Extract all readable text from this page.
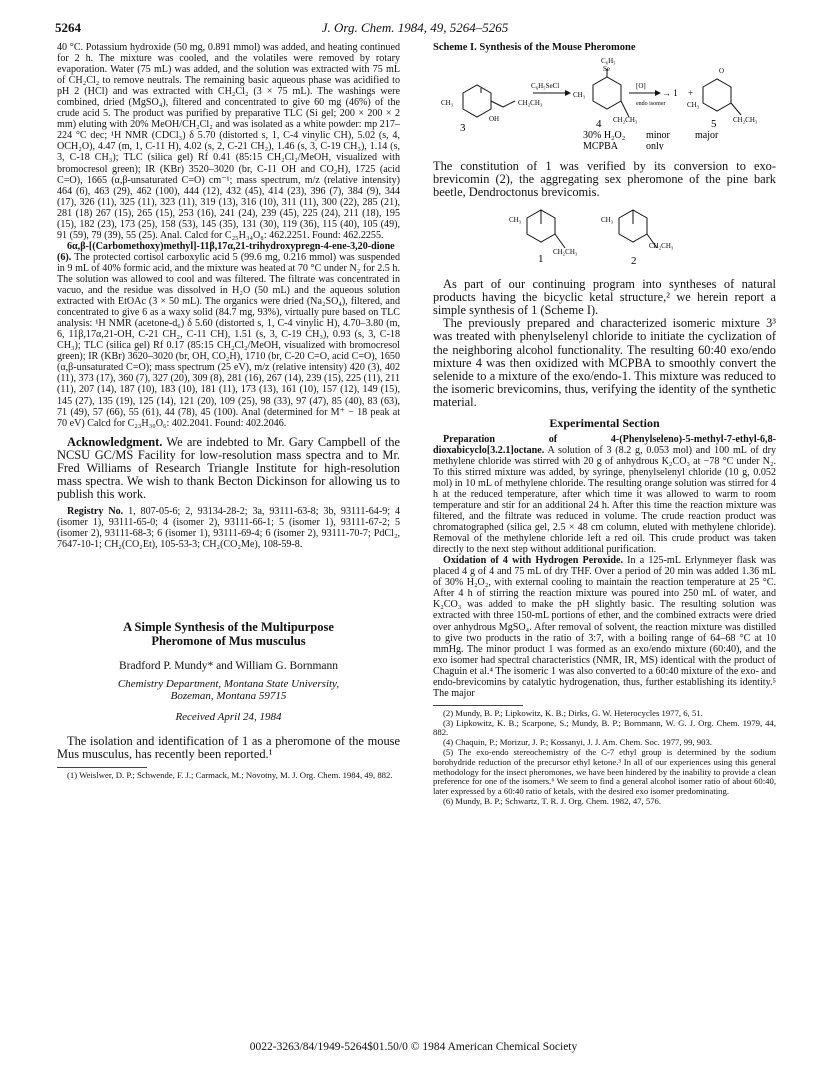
5264	J. Org. Chem. 1984, 49, 5264–5265

40 °C. Potassium hydroxide (50 mg, 0.891 mmol) was added, and heating continued for 2 h. The mixture was cooled, and the volatiles were removed by rotary evaporation. Water (75 mL) was added, and the solution was extracted with 75 mL of CH₂Cl₂ to remove neutrals. The remaining basic aqueous phase was acidified to pH 2 (HCl) and was extracted with CH₂Cl₂ (3 × 75 mL). The washings were combined, dried (MgSO₄), filtered and concentrated to give 60 mg (46%) of the crude acid 5. The product was purified by preparative TLC (Si gel; 200 × 200 × 2 mm) eluting with 20% MeOH/CH₂Cl₂ and was isolated as a white powder: mp 217–224 °C dec; ¹H NMR (CDCl₃) δ 5.70 (distorted s, 1, C-4 vinylic CH), 5.02 (s, 4, OCH₂O), 4.47 (m, 1, C-11 H), 4.02 (s, 2, C-21 CH₂), 1.46 (s, 3, C-19 CH₃), 1.14 (s, 3, C-18 CH₃); TLC (silica gel) Rf 0.41 (85:15 CH₂Cl₂/MeOH, visualized with bromocresol green); IR (KBr) 3520–3020 (br, C-11 OH and CO₂H), 1725 (acid C=O), 1665 (α,β-unsaturated C=O) cm⁻¹; mass spectrum, m/z (relative intensity) 464 (6), 463 (29), 462 (100), 444 (12), 432 (45), 414 (23), 396 (7), 384 (9), 344 (17), 326 (11), 325 (11), 323 (11), 319 (13), 316 (10), 311 (11), 300 (22), 285 (21), 281 (18) 267 (15), 265 (15), 253 (16), 241 (24), 239 (45), 225 (24), 211 (18), 195 (15), 182 (23), 173 (25), 158 (53), 145 (35), 131 (30), 119 (36), 115 (40), 105 (49), 91 (59), 79 (39), 55 (25). Anal. Calcd for C₂₅H₃₄O₈: 462.2251. Found: 462.2255.

6α,β-[(Carbomethoxy)methyl]-11β,17α,21-trihydroxypregn-4-ene-3,20-dione (6). The protected cortisol carboxylic acid 5 (99.6 mg, 0.216 mmol) was suspended in 9 mL of 40% formic acid, and the mixture was heated at 70 °C under N₂ for 2.5 h. The solution was allowed to cool and was filtered. The filtrate was concentrated in vacuo, and the residue was dissolved in H₂O (50 mL) and the aqueous solution extracted with EtOAc (3 × 50 mL). The organics were dried (Na₂SO₄), filtered, and concentrated to give 6 as a waxy solid (84.7 mg, 93%), virtually pure based on TLC analysis: ¹H NMR (acetone-d₆) δ 5.60 (distorted s, 1, C-4 vinylic H), 4.70–3.80 (m, 6, 11β,17α,21-OH, C-21 CH₂, C-11 CH), 1.51 (s, 3, C-19 CH₃), 0.93 (s, 3, C-18 CH₃); TLC (silica gel) Rf 0.17 (85:15 CH₂Cl₂/MeOH, visualized with bromocresol green); IR (KBr) 3620–3020 (br, OH, CO₂H), 1710 (br, C-20 C=O, acid C=O), 1650 (α,β-unsaturated C=O); mass spectrum (25 eV), m/z (relative intensity) 420 (3), 402 (11), 373 (17), 360 (7), 327 (20), 309 (8), 281 (16), 267 (14), 239 (15), 225 (11), 211 (11), 207 (14), 187 (10), 183 (10), 181 (11), 173 (13), 161 (10), 157 (12), 149 (15), 145 (27), 135 (19), 125 (14), 121 (20), 109 (25), 98 (33), 97 (47), 85 (40), 83 (63), 71 (49), 57 (66), 55 (61), 44 (78), 45 (100). Anal (determined for M⁺ − 18 peak at 70 eV) Calcd for C₂₃H₃₀O₆: 402.2041. Found: 402.2046.

Acknowledgment. We are indebted to Mr. Gary Campbell of the NCSU GC/MS Facility for low-resolution mass spectra and to Mr. Fred Williams of Research Triangle Institute for high-resolution mass spectra. We wish to thank Becton Dickinson for allowing us to publish this work.

Registry No. 1, 807-05-6; 2, 93134-28-2; 3a, 93111-63-8; 3b, 93111-64-9; 4 (isomer 1), 93111-65-0; 4 (isomer 2), 93111-66-1; 5 (isomer 1), 93111-67-2; 5 (isomer 2), 93111-68-3; 6 (isomer 1), 93111-69-4; 6 (isomer 2), 93111-70-7; PdCl₂, 7647-10-1; CH₂(CO₂Et), 105-53-3; CH₂(CO₂Me), 108-59-8.

A Simple Synthesis of the Multipurpose
Pheromone of Mus musculus
Bradford P. Mundy* and William G. Bornmann
Chemistry Department, Montana State University,
Bozeman, Montana 59715
Received April 24, 1984

The isolation and identification of 1 as a pheromone of the mouse Mus musculus, has recently been reported.¹

(1) Weislwer, D. P.; Schwende, F. J.; Carmack, M.; Novotny, M. J. Org. Chem. 1984, 49, 882.

Scheme I. Synthesis of the Mouse Pheromone
CH₃	CH₂CH₃
OH
3
C₆H₅SeCl
C₆H₅
Se
CH₃
CH₂CH₃
4
[O]
→ 1 +
endo isomer
O
CH₃
CH₂CH₃
5
30% H₂O₂ minor	major
MCPBA	only

The constitution of 1 was verified by its conversion to exo-brevicomin (2), the aggregating sex pheromone of the pine bark beetle, Dendroctonus brevicomis.

CH₃
CH₂CH₃
1
CH₃
CH₂CH₃
2

As part of our continuing program into syntheses of natural products having the bicyclic ketal structure,² we herein report a simple synthesis of 1 (Scheme I).

The previously prepared and characterized isomeric mixture 3³ was treated with phenylselenyl chloride to initiate the cyclization of the neighboring alcohol functionality. The resulting 60:40 exo/endo mixture 4 was then oxidized with MCPBA to smoothly convert the selenide to a mixture of the exo/endo-1. This mixture was reduced to the isomeric brevicomins, thus, verifying the identity of the synthetic material.

Experimental Section

Preparation of 4-(Phenylseleno)-5-methyl-7-ethyl-6,8-dioxabicyclo[3.2.1]octane. A solution of 3 (8.2 g, 0.053 mol) and 100 mL of dry methylene chloride was stirred with 20 g of anhydrous K₂CO₃ at −78 °C under N₂. To this stirred mixture was added, by syringe, phenylselenyl chloride (10 g, 0.052 mol) in 10 mL of methylene chloride. The resulting orange solution was stirred for 4 h at the reduced temperature, after which time it was allowed to warm to room temperature and stir for an additional 24 h. After this time the reaction mixture was filtered, and the filtrate was reduced in volume. The crude reaction product was chromatographed (silica gel, 2.5 × 48 cm column, eluted with methylene chloride). Removal of the methylene chloride left a red oil. This crude product was taken directly to the next step without additional purification.

Oxidation of 4 with Hydrogen Peroxide. In a 125-mL Erlynmeyer flask was placed 4 g of 4 and 75 mL of dry THF. Over a period of 20 min was added 1.36 mL of 30% H₂O₂, with external cooling to maintain the reaction temperature at 25 °C. After 4 h of stirring the reaction mixture was poured into 250 mL of water, and K₂CO₃ was added to make the pH slightly basic. The resulting solution was extracted with three 150-mL portions of ether, and the combined extracts were dried over anhydrous MgSO₄. After removal of solvent, the reaction mixture was distilled to give two products in the ratio of 3:7, with a boiling range of 64–68 °C at 10 mmHg. The minor product 1 was formed as an exo/endo mixture (60:40), and the exo isomer had spectral characteristics (NMR, IR, MS) identical with the product of Chaguin et al.⁴ The isomeric 1 was also converted to a 60:40 mixture of the exo- and endo-brevicomins by catalytic hydrogenation, thus, further establishing its identity.⁵ The major

(2) Mundy, B. P.; Lipkowitz, K. B.; Dirks, G. W. Heterocycles 1977, 6, 51.

(3) Lipkowitz, K. B.; Scarpone, S.; Mundy, B. P.; Bornmann, W. G. J. Org. Chem. 1979, 44, 882.

(4) Chaquin, P.; Morizur, J. P.; Kossanyi, J. J. Am. Chem. Soc. 1977, 99, 903.

(5) The exo-endo stereochemistry of the C-7 ethyl group is determined by the sodium borohydride reduction of the precursor ethyl ketone.³ In all of our experiences using this general methodology for the insect pheromones, we have been hindered by the inability to provide a clean preference for one of the isomers.⁶ We seem to find a general alcohol isomer ratio of about 60:40, later expressed by a 60:40 ratio of ketals, with the desired exo isomer predominating.

(6) Mundy, B. P.; Schwartz, T. R. J. Org. Chem. 1982, 47, 576.

0022-3263/84/1949-5264$01.50/0 © 1984 American Chemical Society
